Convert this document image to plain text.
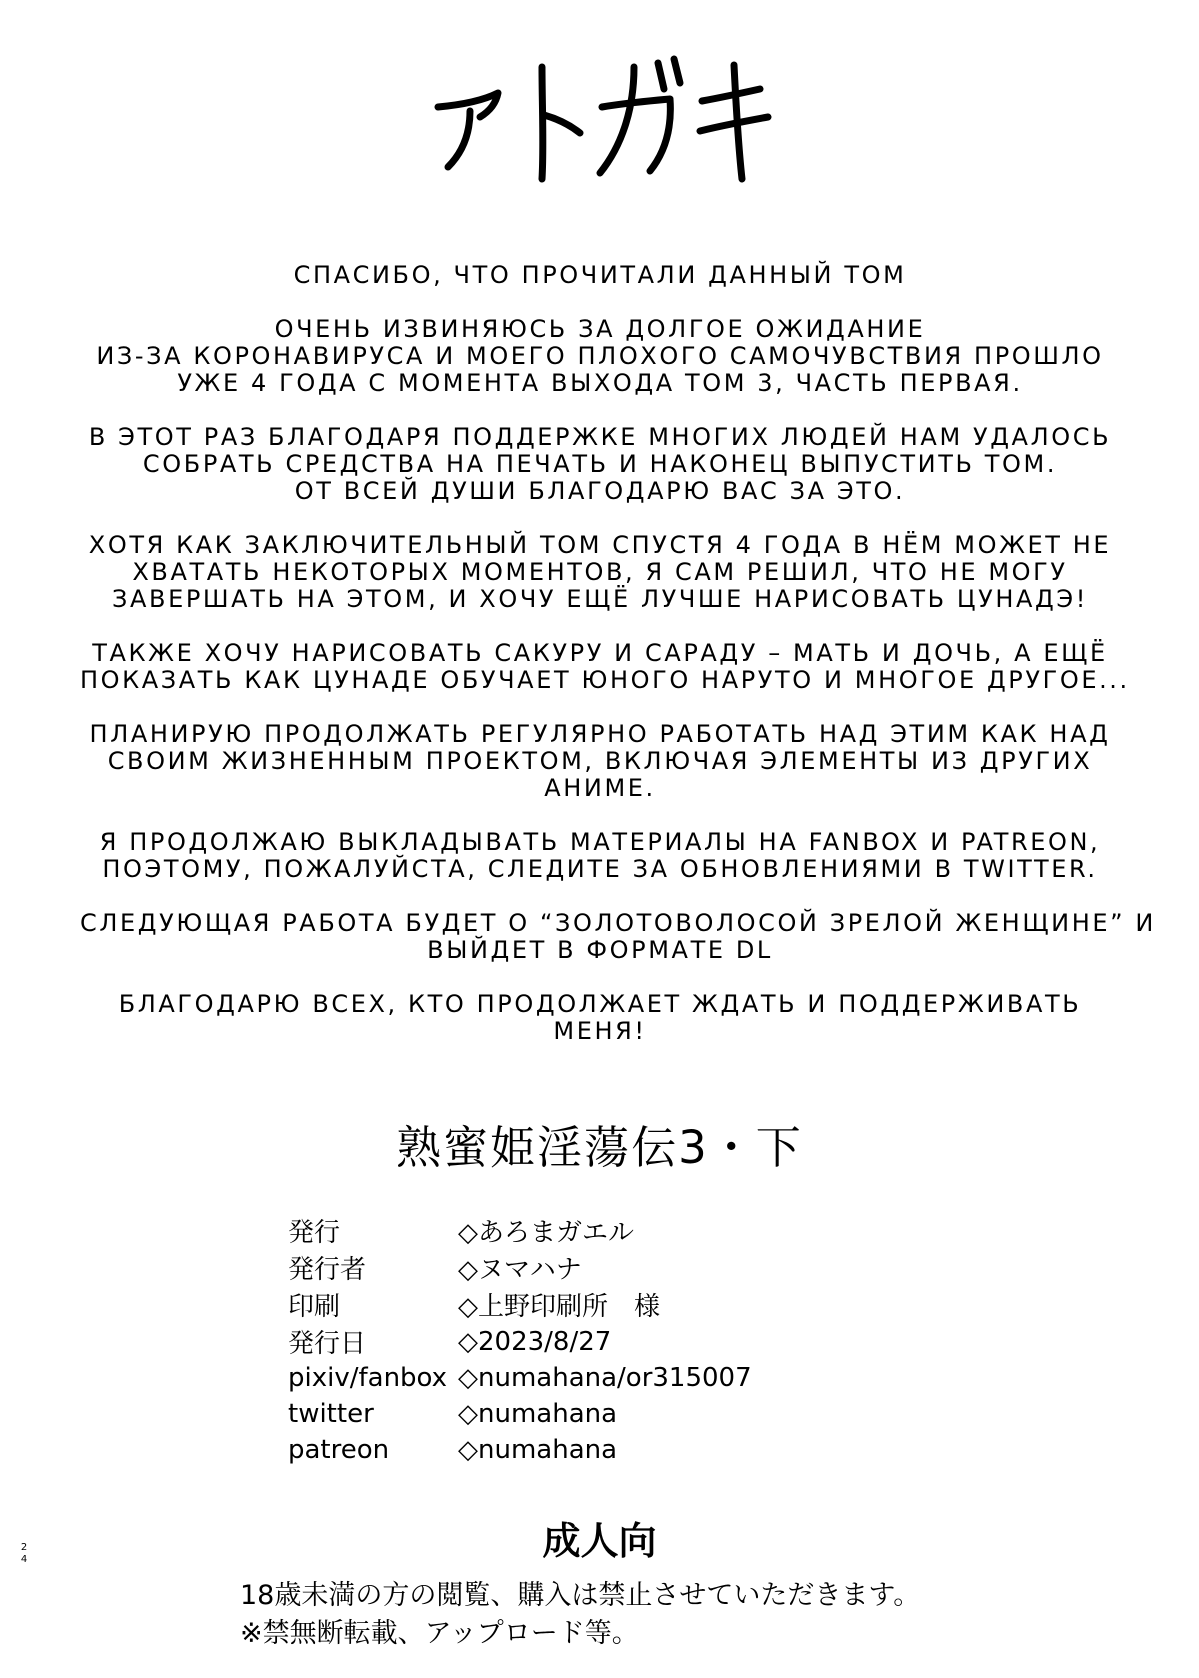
СПАСИБО, ЧТО ПРОЧИТАЛИ ДАННЫЙ ТОМ

ОЧЕНЬ ИЗВИНЯЮСЬ ЗА ДОЛГОЕ ОЖИДАНИЕ
ИЗ-ЗА КОРОНАВИРУСА И МОЕГО ПЛОХОГО САМОЧУВСТВИЯ ПРОШЛО
УЖЕ 4 ГОДА С МОМЕНТА ВЫХОДА ТОМ 3, ЧАСТЬ ПЕРВАЯ.

В ЭТОТ РАЗ БЛАГОДАРЯ ПОДДЕРЖКЕ МНОГИХ ЛЮДЕЙ НАМ УДАЛОСЬ
СОБРАТЬ СРЕДСТВА НА ПЕЧАТЬ И НАКОНЕЦ ВЫПУСТИТЬ ТОМ.
ОТ ВСЕЙ ДУШИ БЛАГОДАРЮ ВАС ЗА ЭТО.

ХОТЯ КАК ЗАКЛЮЧИТЕЛЬНЫЙ ТОМ СПУСТЯ 4 ГОДА В НЁМ МОЖЕТ НЕ
ХВАТАТЬ НЕКОТОРЫХ МОМЕНТОВ, Я САМ РЕШИЛ, ЧТО НЕ МОГУ
ЗАВЕРШАТЬ НА ЭТОМ, И ХОЧУ ЕЩЁ ЛУЧШЕ НАРИСОВАТЬ ЦУНАДЭ!

ТАКЖЕ ХОЧУ НАРИСОВАТЬ САКУРУ И САРАДУ – МАТЬ И ДОЧЬ, А ЕЩЁ
ПОКАЗАТЬ КАК ЦУНАДЕ ОБУЧАЕТ ЮНОГО НАРУТО И МНОГОЕ ДРУГОЕ...

ПЛАНИРУЮ ПРОДОЛЖАТЬ РЕГУЛЯРНО РАБОТАТЬ НАД ЭТИМ КАК НАД
СВОИМ ЖИЗНЕННЫМ ПРОЕКТОМ, ВКЛЮЧАЯ ЭЛЕМЕНТЫ ИЗ ДРУГИХ
АНИМЕ.

Я ПРОДОЛЖАЮ ВЫКЛАДЫВАТЬ МАТЕРИАЛЫ НА FANBOX И PATREON,
ПОЭТОМУ, ПОЖАЛУЙСТА, СЛЕДИТЕ ЗА ОБНОВЛЕНИЯМИ В TWITTER.

СЛЕДУЮЩАЯ РАБОТА БУДЕТ О “ЗОЛОТОВОЛОСОЙ ЗРЕЛОЙ ЖЕНЩИНЕ” И
ВЫЙДЕТ В ФОРМАТЕ DL

БЛАГОДАРЮ ВСЕХ, КТО ПРОДОЛЖАЕТ ЖДАТЬ И ПОДДЕРЖИВАТЬ
МЕНЯ!

熟蜜姫淫蕩伝3・下
発行	◇あろまガエル
発行者	◇ヌマハナ
印刷	◇上野印刷所　様
発行日	◇2023/8/27
pixiv/fanbox	◇numahana/or315007
twitter	◇numahana
patreon	◇numahana
24	成人向
18歳未満の方の閲覧、購入は禁止させていただきます。
※禁無断転載、アップロード等。
